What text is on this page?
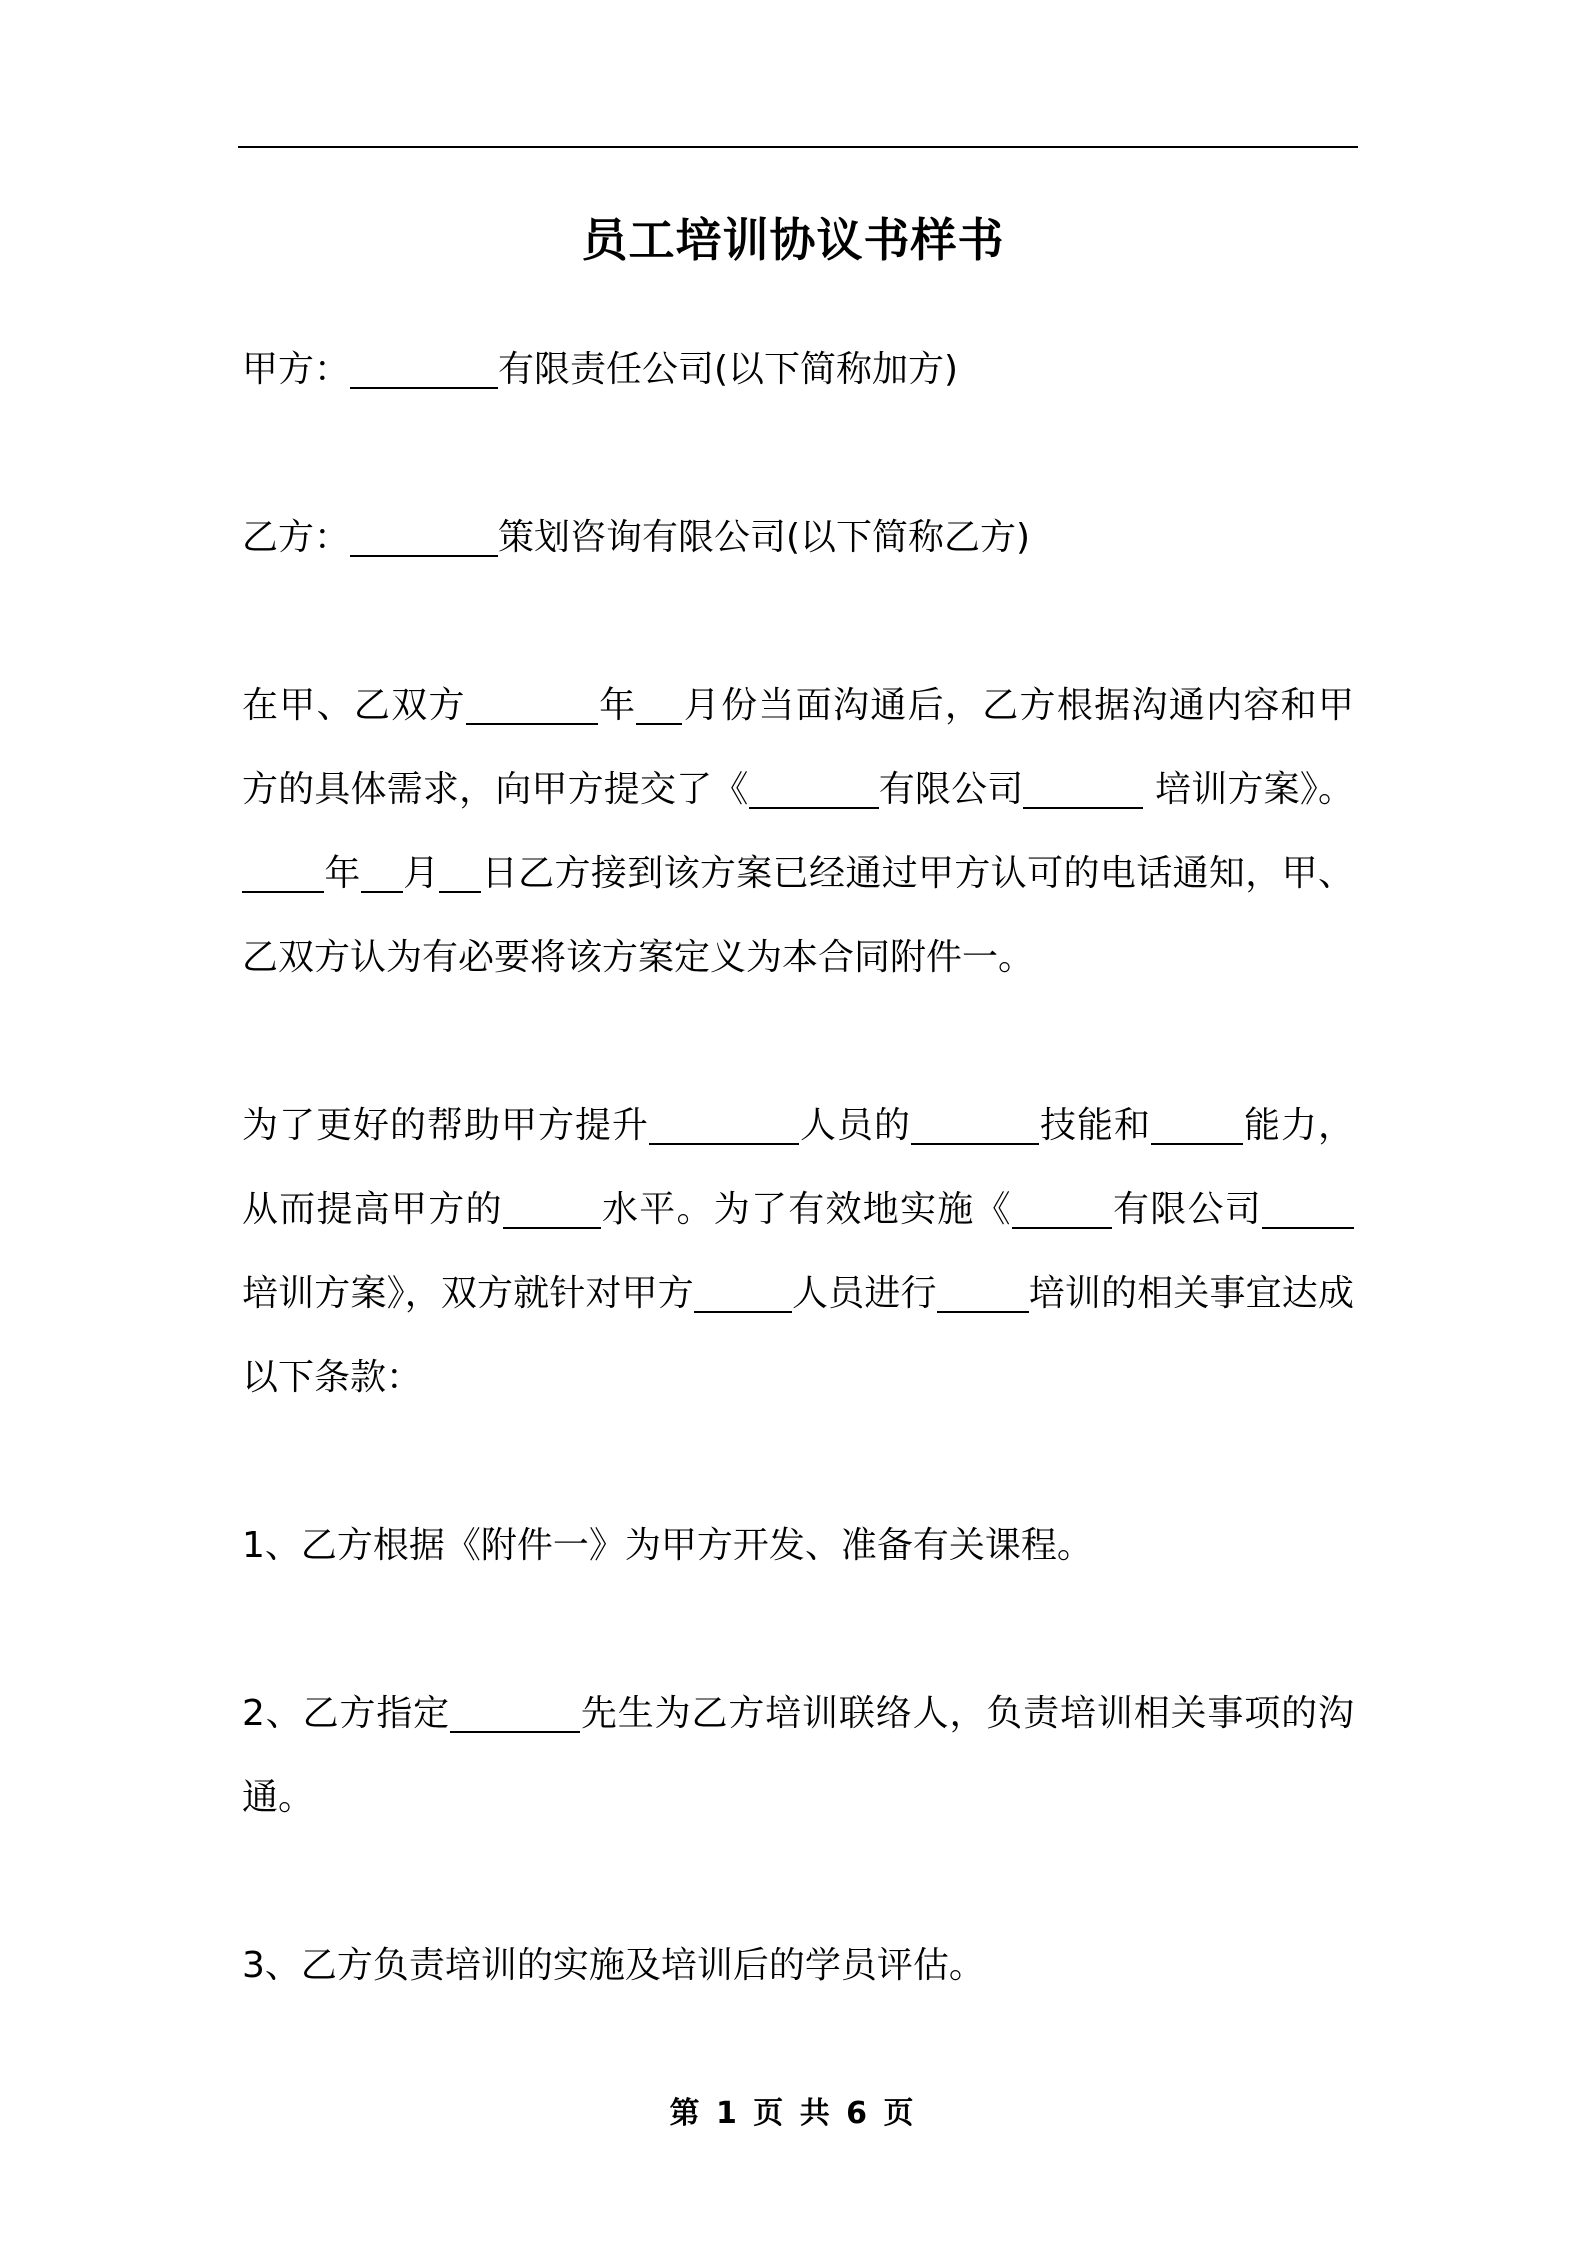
员工培训协议书样书

甲方：	有限责任公司(以下简称加方)

乙方：	策划咨询有限公司(以下简称乙方)

在甲、乙双方	年 月份当面沟通后，乙方根据沟通内容和甲方的具体需求，向甲方提交了《	有限公司	培训方案》。年 月 日乙方接到该方案已经通过甲方认可的电话通知，甲、乙双方认为有必要将该方案定义为本合同附件一。

为了更好的帮助甲方提升	人员的	技能和	能力，从而提高甲方的	水平。为了有效地实施《	有限公司培训方案》，双方就针对甲方	人员进行	培训的相关事宜达成以下条款：

1、乙方根据《附件一》为甲方开发、准备有关课程。

2、乙方指定	先生为乙方培训联络人，负责培训相关事项的沟通。

3、乙方负责培训的实施及培训后的学员评估。

第 1 页 共 6 页
